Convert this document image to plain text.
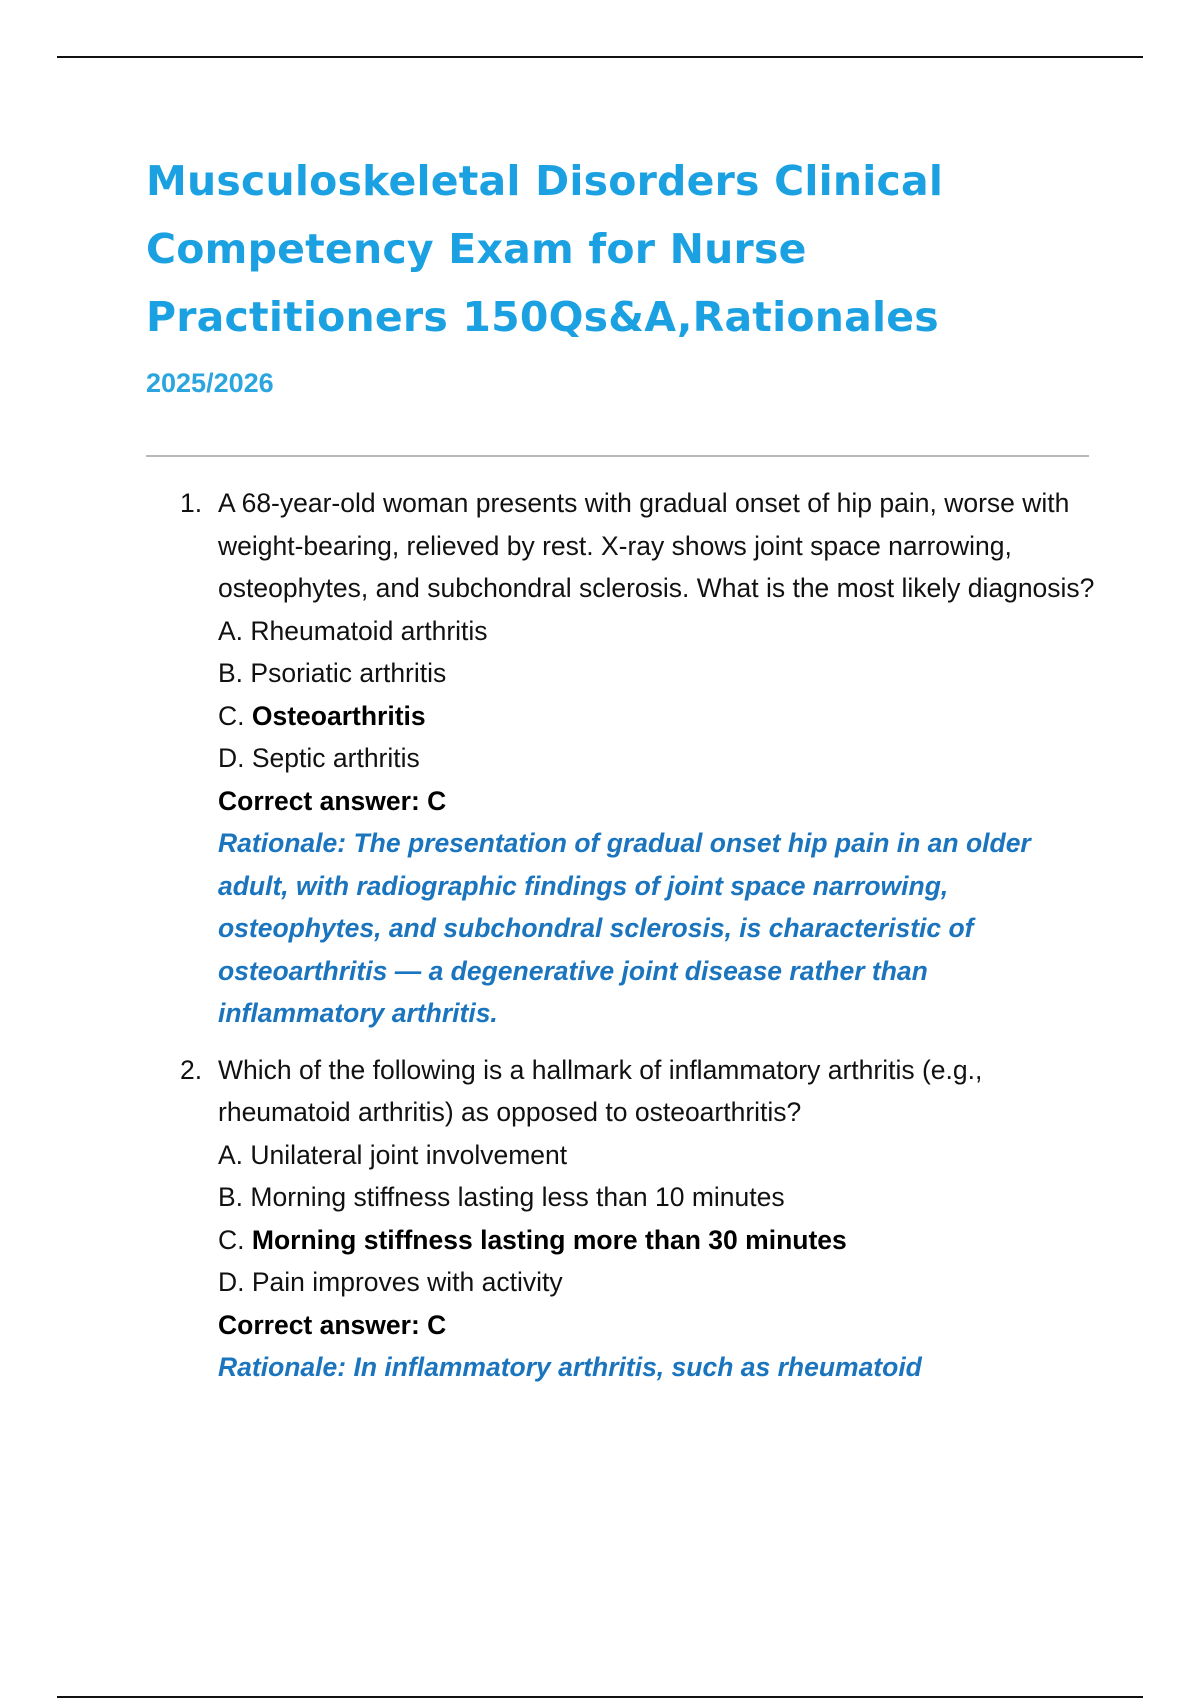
Musculoskeletal Disorders Clinical
Competency Exam for Nurse
Practitioners 150Qs&A,Rationales

2025/2026

1. A 68-year-old woman presents with gradual onset of hip pain, worse with weight-bearing, relieved by rest. X-ray shows joint space narrowing, osteophytes, and subchondral sclerosis. What is the most likely diagnosis?
A. Rheumatoid arthritis
B. Psoriatic arthritis
C. Osteoarthritis
D. Septic arthritis
Correct answer: C
Rationale: The presentation of gradual onset hip pain in an older adult, with radiographic findings of joint space narrowing, osteophytes, and subchondral sclerosis, is characteristic of osteoarthritis — a degenerative joint disease rather than inflammatory arthritis.
2. Which of the following is a hallmark of inflammatory arthritis (e.g., rheumatoid arthritis) as opposed to osteoarthritis?
A. Unilateral joint involvement
B. Morning stiffness lasting less than 10 minutes
C. Morning stiffness lasting more than 30 minutes
D. Pain improves with activity
Correct answer: C
Rationale: In inflammatory arthritis, such as rheumatoid
